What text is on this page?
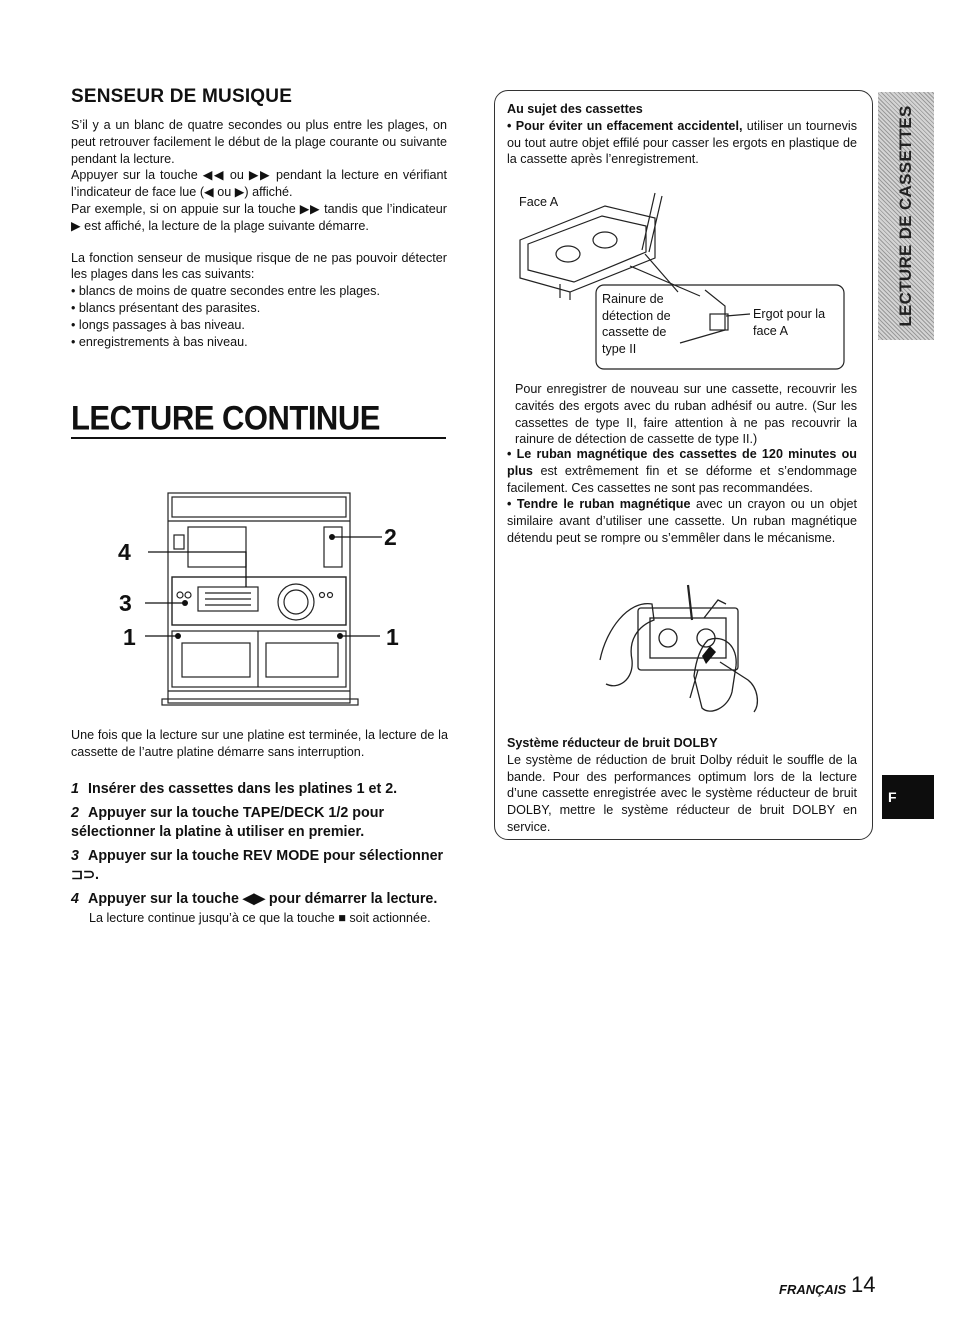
SENSEUR DE MUSIQUE

S’il y a un blanc de quatre secondes ou plus entre les plages, on peut retrouver facilement le début de la plage courante ou suivante pendant la lecture.

Appuyer sur la touche ◀◀ ou ▶▶ pendant la lecture en vérifiant l’indicateur de face lue (◀ ou ▶) affiché.

Par exemple, si on appuie sur la touche ▶▶ tandis que l’indicateur ▶ est affiché, la lecture de la plage suivante démarre.

La fonction senseur de musique risque de ne pas pouvoir détecter les plages dans les cas suivants:

• blancs de moins de quatre secondes entre les plages.

• blancs présentant des parasites.

• longs passages à bas niveau.

• enregistrements à bas niveau.

LECTURE CONTINUE
4
2
3
1	1

Une fois que la lecture sur une platine est terminée, la lecture de la cassette de l’autre platine démarre sans interruption.

1 Insérer des cassettes dans les platines 1 et 2.

2 Appuyer sur la touche TAPE/DECK 1/2 pour sélectionner la platine à utiliser en premier.

3 Appuyer sur la touche REV MODE pour sélectionner ⊐⊃.

4 Appuyer sur la touche ◀▶ pour démarrer la lecture.

La lecture continue jusqu’à ce que la touche ■ soit actionnée.

Au sujet des cassettes

• Pour éviter un effacement accidentel, utiliser un tournevis ou tout autre objet effilé pour casser les ergots en plastique de la cassette après l’enregistrement.

Face A
Rainure de détection de cassette de type II
Ergot pour la face A

Pour enregistrer de nouveau sur une cassette, recouvrir les cavités des ergots avec du ruban adhésif ou autre. (Sur les cassettes de type II, faire attention à ne pas recouvrir la rainure de détection de cassette de type II.)

• Le ruban magnétique des cassettes de 120 minutes ou plus est extrêmement fin et se déforme et s’endommage facilement. Ces cassettes ne sont pas recommandées.

• Tendre le ruban magnétique avec un crayon ou un objet similaire avant d’utiliser une cassette. Un ruban magnétique détendu peut se rompre ou s’emmêler dans le mécanisme.

Système réducteur de bruit DOLBY

Le système de réduction de bruit Dolby réduit le souffle de la bande. Pour des performances optimum lors de la lecture d’une cassette enregistrée avec le système réducteur de bruit DOLBY, mettre le système réducteur de bruit DOLBY en service.

LECTURE DE CASSETTES
F
FRANÇAIS 14
